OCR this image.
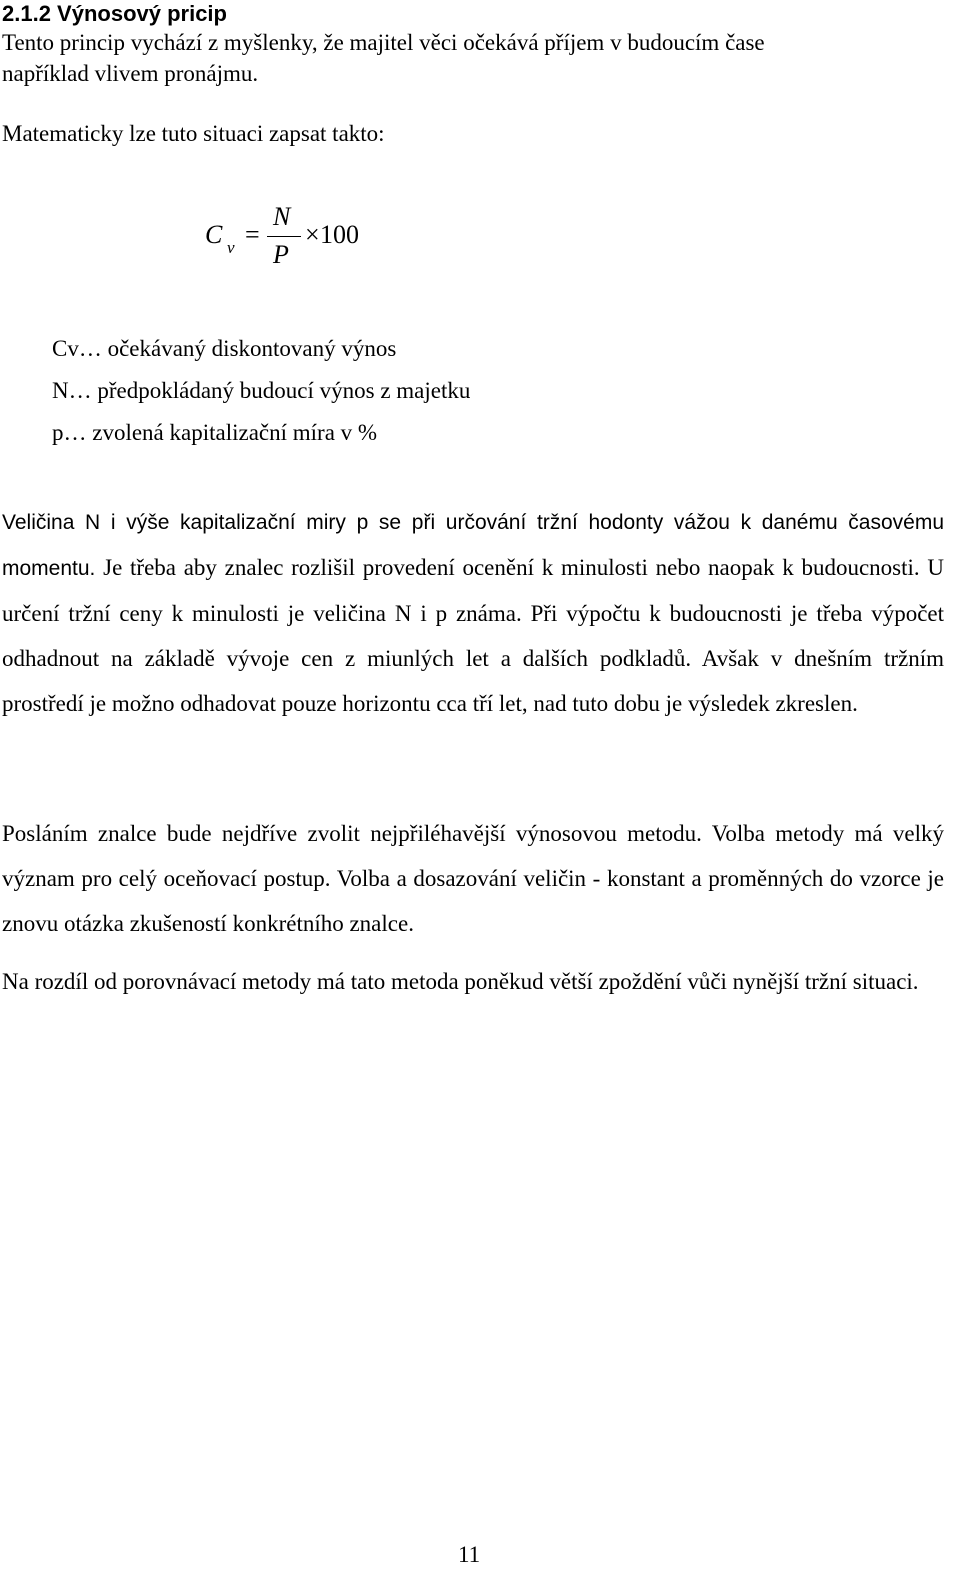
2.1.2 Výnosový pricip
Tento princip vychází z myšlenky, že majitel věci očekává příjem v budoucím čase
například vlivem pronájmu.
Matematicky lze tuto situaci zapsat takto:
C v =
N
P
× 100
Cv… očekávaný diskontovaný výnos
N… předpokládaný budoucí výnos z majetku
p… zvolená kapitalizační míra v %
Veličina N i výše kapitalizační miry p se při určování tržní hodonty vážou k danému časovému momentu. Je třeba aby znalec rozlišil provedení ocenění k minulosti nebo naopak k budoucnosti. U určení tržní ceny k minulosti je veličina N i p známa. Při výpočtu k budoucnosti je třeba výpočet odhadnout na základě vývoje cen z miunlých let a dalších podkladů. Avšak v dnešním tržním prostředí je možno odhadovat pouze horizontu cca tří let, nad tuto dobu je výsledek zkreslen.
Posláním znalce bude nejdříve zvolit nejpřiléhavější výnosovou metodu. Volba metody má velký význam pro celý oceňovací postup. Volba a dosazování veličin - konstant a proměnných do vzorce je znovu otázka zkušeností konkrétního znalce.
Na rozdíl od porovnávací metody má tato metoda poněkud větší zpoždění vůči nynější tržní situaci.
11
